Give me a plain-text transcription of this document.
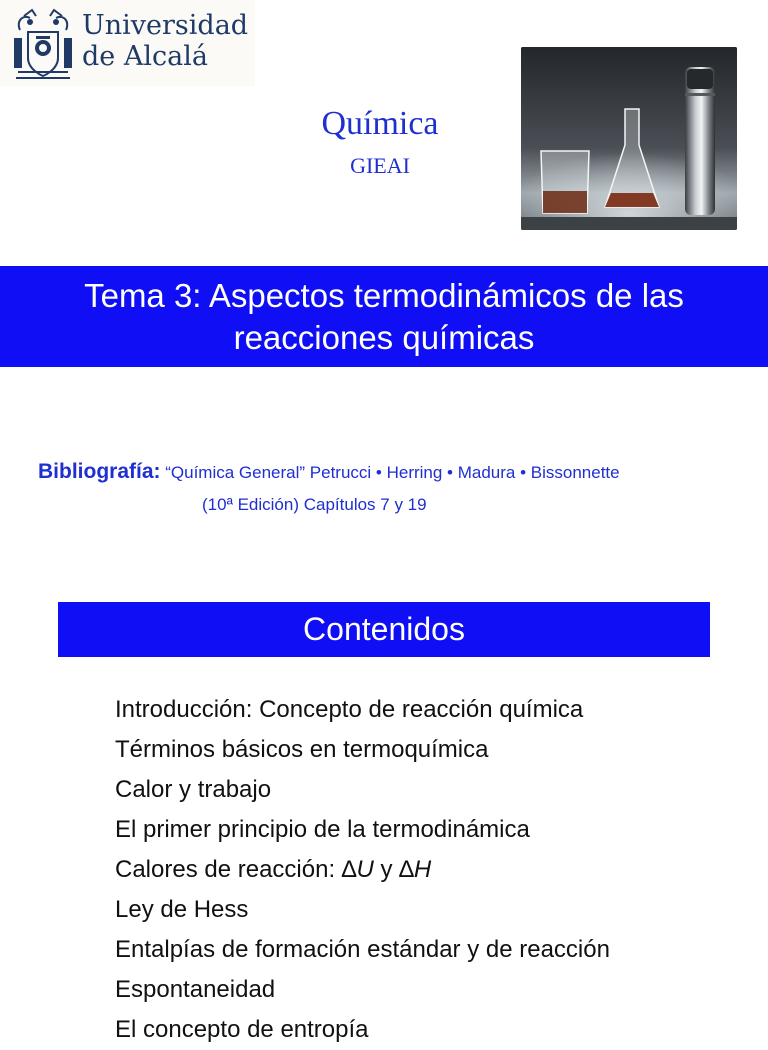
Universidad
de Alcalá
Química
GIEAI
Tema 3: Aspectos termodinámicos de las
reacciones químicas
Bibliografía: “Química General” Petrucci • Herring • Madura • Bissonnette
(10ª Edición) Capítulos 7 y 19
Contenidos
Introducción: Concepto de reacción química
Términos básicos en termoquímica
Calor y trabajo
El primer principio de la termodinámica
Calores de reacción: ∆U y ∆H
Ley de Hess
Entalpías de formación estándar y de reacción
Espontaneidad
El concepto de entropía
